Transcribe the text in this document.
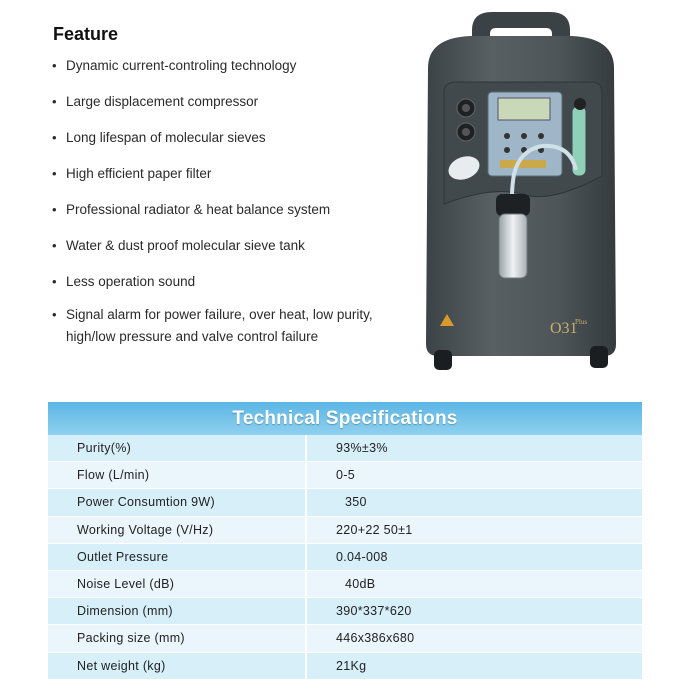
Feature
• Dynamic current-controling technology
• Large displacement compressor
• Long lifespan of molecular sieves
• High efficient paper filter
• Professional radiator & heat balance system
• Water & dust proof molecular sieve tank
• Less operation sound
• Signal alarm for power failure, over heat, low purity,
high/low pressure and valve control failure	O31
Plus
Technical Specifications
Purity(%)	93%±3%
Flow (L/min)	0-5
Power Consumtion 9W)	350
Working Voltage (V/Hz)	220+22 50±1
Outlet Pressure	0.04-008
Noise Level (dB)	40dB
Dimension (mm)	390*337*620
Packing size (mm)	446x386x680
Net weight (kg)	21Kg
